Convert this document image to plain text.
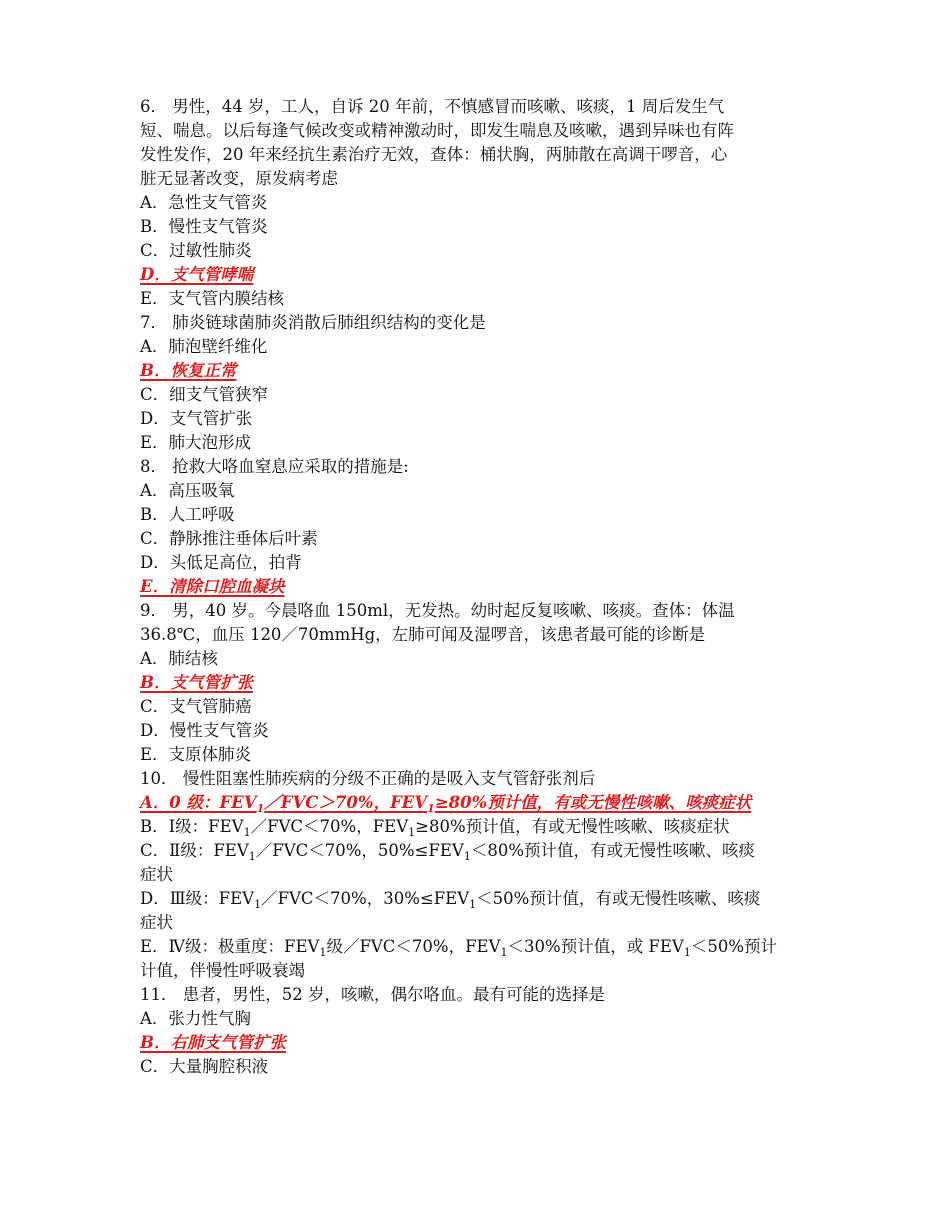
6． 男性，44 岁，工人，自诉 20 年前，不慎感冒而咳嗽、咳痰，1 周后发生气
短、喘息。以后每逢气候改变或精神激动时，即发生喘息及咳嗽，遇到异味也有阵
发性发作，20 年来经抗生素治疗无效，查体：桶状胸，两肺散在高调干啰音，心
脏无显著改变，原发病考虑
A．急性支气管炎
B．慢性支气管炎
C．过敏性肺炎
D．支气管哮喘
E．支气管内膜结核
7． 肺炎链球菌肺炎消散后肺组织结构的变化是
A．肺泡壁纤维化
B．恢复正常
C．细支气管狭窄
D．支气管扩张
E．肺大泡形成
8． 抢救大咯血窒息应采取的措施是:
A．高压吸氧
B．人工呼吸
C．静脉推注垂体后叶素
D．头低足高位，拍背
E．清除口腔血凝块
9． 男，40 岁。今晨咯血 150ml，无发热。幼时起反复咳嗽、咳痰。查体：体温
36.8℃，血压 120／70mmHg，左肺可闻及湿啰音，该患者最可能的诊断是
A．肺结核
B．支气管扩张
C．支气管肺癌
D．慢性支气管炎
E．支原体肺炎
10． 慢性阻塞性肺疾病的分级不正确的是吸入支气管舒张剂后
A．0 级：$FEV_1/FVC>70\%$，$FEV_1\ge 80\%$预计值，有或无慢性咳嗽、咳痰症状
B．Ⅰ级：$FEV_1/FVC<70\%$，$FEV_1\ge 80\%$预计值，有或无慢性咳嗽、咳痰症状
C．Ⅱ级：$FEV_1/FVC<70\%$，$50\%\le FEV_1<80\%$预计值，有或无慢性咳嗽、咳痰
症状
D．Ⅲ级：$FEV_1/FVC<70\%$，$30\%\le FEV_1<50\%$预计值，有或无慢性咳嗽、咳痰
症状
E．Ⅳ级：极重度：$FEV_1$级／FVC＜70%，$FEV_1<30\%$预计值，或 $FEV_1<50\%$预计
计值，伴慢性呼吸衰竭
11． 患者，男性，52 岁，咳嗽，偶尔咯血。最有可能的选择是
A．张力性气胸
B．右肺支气管扩张
C．大量胸腔积液
